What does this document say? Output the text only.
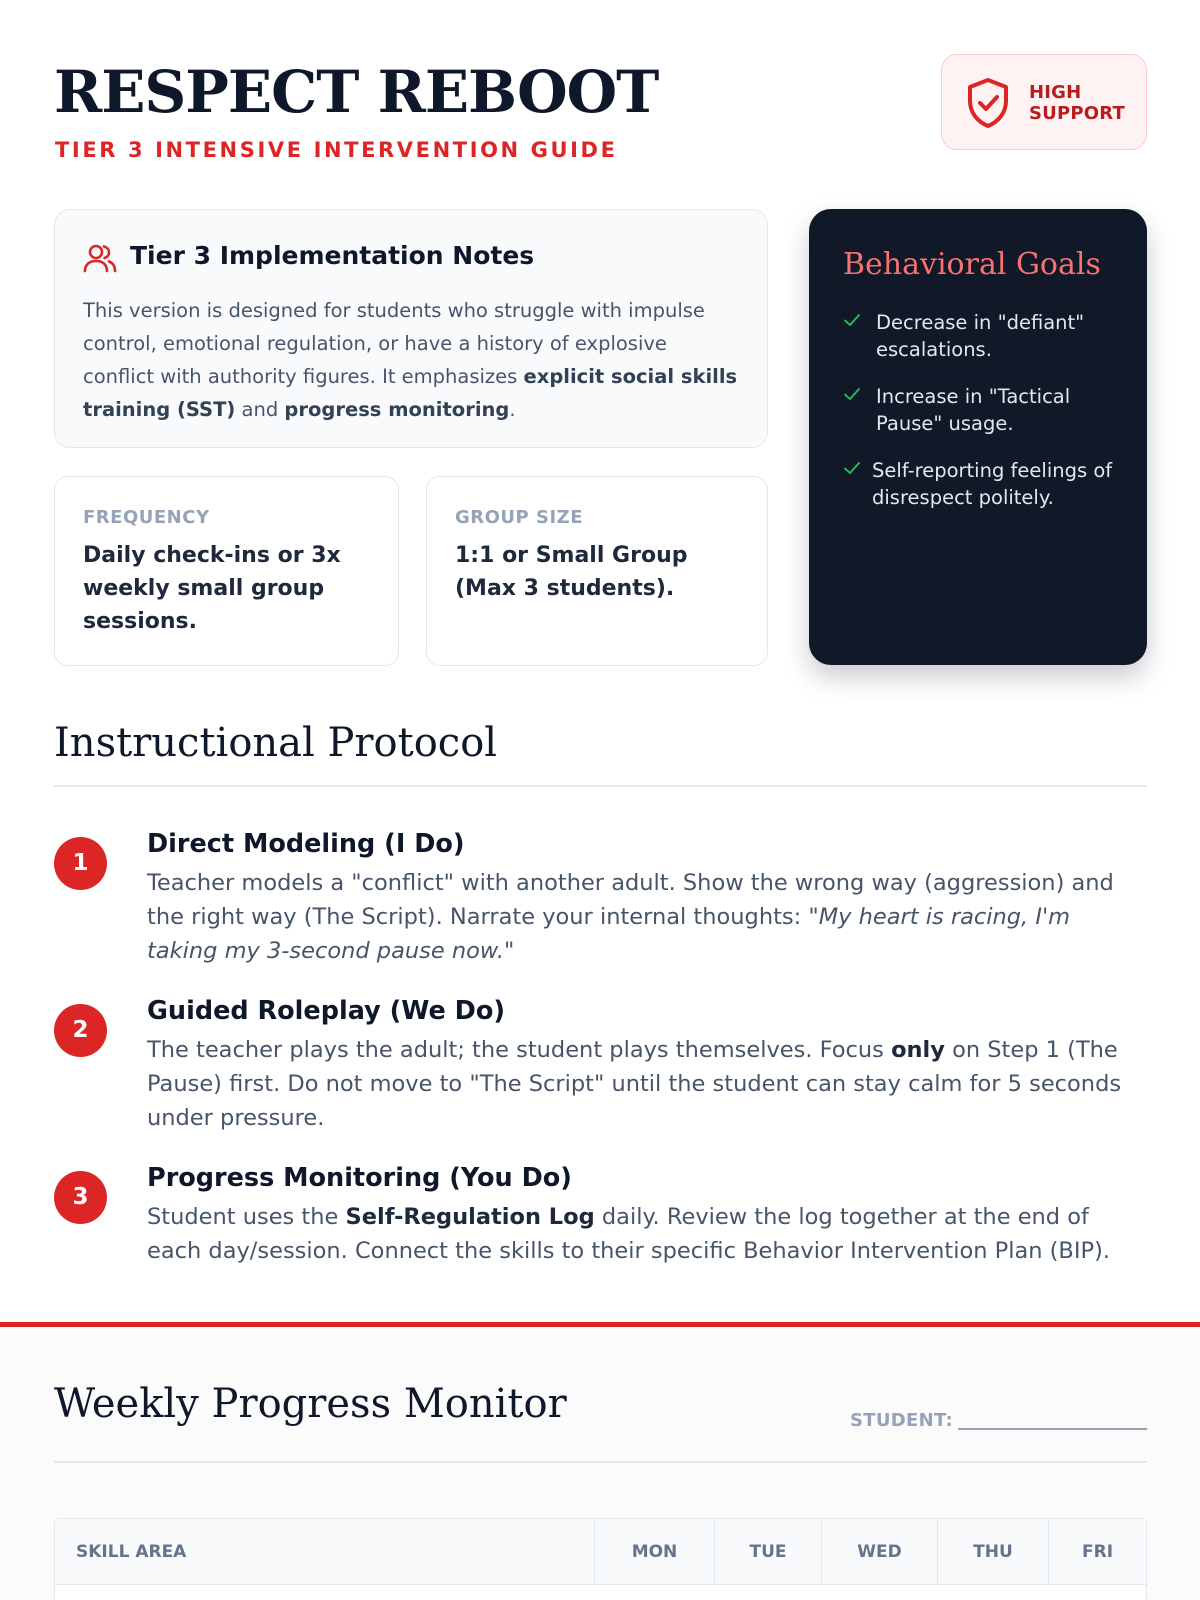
RESPECT REBOOT
TIER 3 INTENSIVE INTERVENTION GUIDE
HIGH
SUPPORT
Tier 3 Implementation Notes
This version is designed for students who struggle with impulse control, emotional regulation, or have a history of explosive conflict with authority figures. It emphasizes explicit social skills training (SST) and progress monitoring.
FREQUENCY
Daily check-ins or 3x weekly small group sessions.
GROUP SIZE
1:1 or Small Group (Max 3 students).
Behavioral Goals
Decrease in "defiant" escalations.
Increase in "Tactical Pause" usage.
Self-reporting feelings of disrespect politely.
Instructional Protocol
1
Direct Modeling (I Do)
Teacher models a "conflict" with another adult. Show the wrong way (aggression) and the right way (The Script). Narrate your internal thoughts: "My heart is racing, I'm taking my 3-second pause now."
2
Guided Roleplay (We Do)
The teacher plays the adult; the student plays themselves. Focus only on Step 1 (The Pause) first. Do not move to "The Script" until the student can stay calm for 5 seconds under pressure.
3
Progress Monitoring (You Do)
Student uses the Self-Regulation Log daily. Review the log together at the end of each day/session. Connect the skills to their specific Behavior Intervention Plan (BIP).
Weekly Progress Monitor	STUDENT:
SKILL AREA	MON	TUE	WED	THU	FRI
